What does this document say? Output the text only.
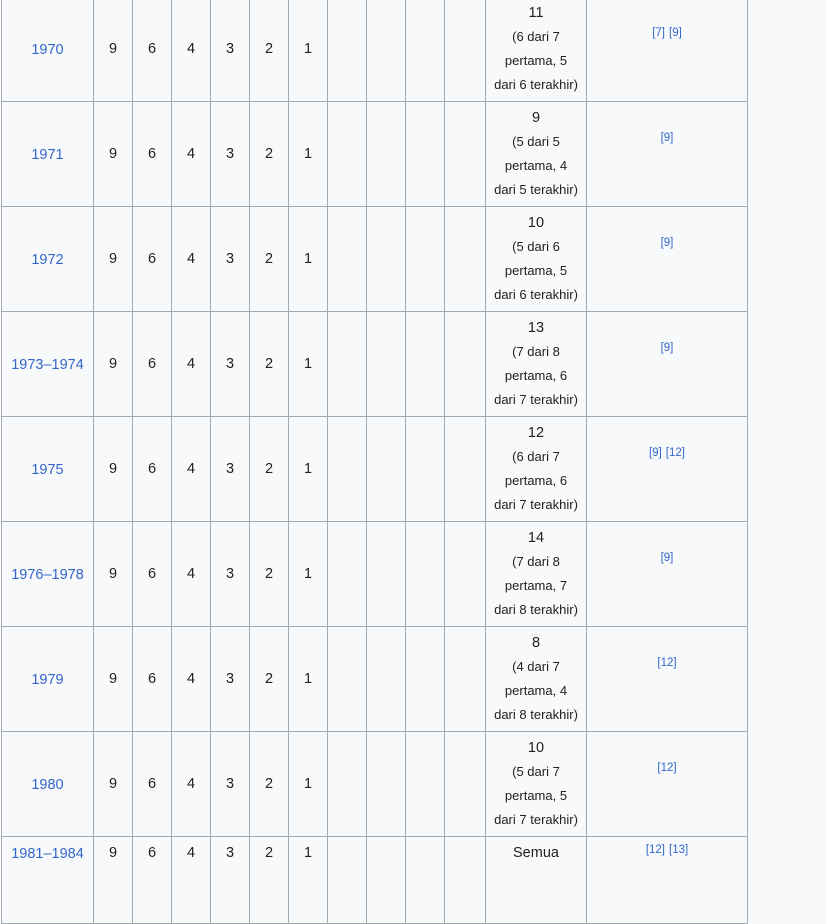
1970	9	6	4	3	2	1					11
(6 dari 7 pertama, 5 dari 6 terakhir)	[7] [9]
1971	9	6	4	3	2	1					9
(5 dari 5 pertama, 4 dari 5 terakhir)	[9]
1972	9	6	4	3	2	1					10
(5 dari 6 pertama, 5 dari 6 terakhir)	[9]
1973–1974	9	6	4	3	2	1					13
(7 dari 8 pertama, 6 dari 7 terakhir)	[9]
1975	9	6	4	3	2	1					12
(6 dari 7 pertama, 6 dari 7 terakhir)	[9] [12]
1976–1978	9	6	4	3	2	1					14
(7 dari 8 pertama, 7 dari 8 terakhir)	[9]
1979	9	6	4	3	2	1					8
(4 dari 7 pertama, 4 dari 8 terakhir)	[12]
1980	9	6	4	3	2	1					10
(5 dari 7 pertama, 5 dari 7 terakhir)	[12]
1981–1984	9	6	4	3	2	1					Semua	[12] [13]
